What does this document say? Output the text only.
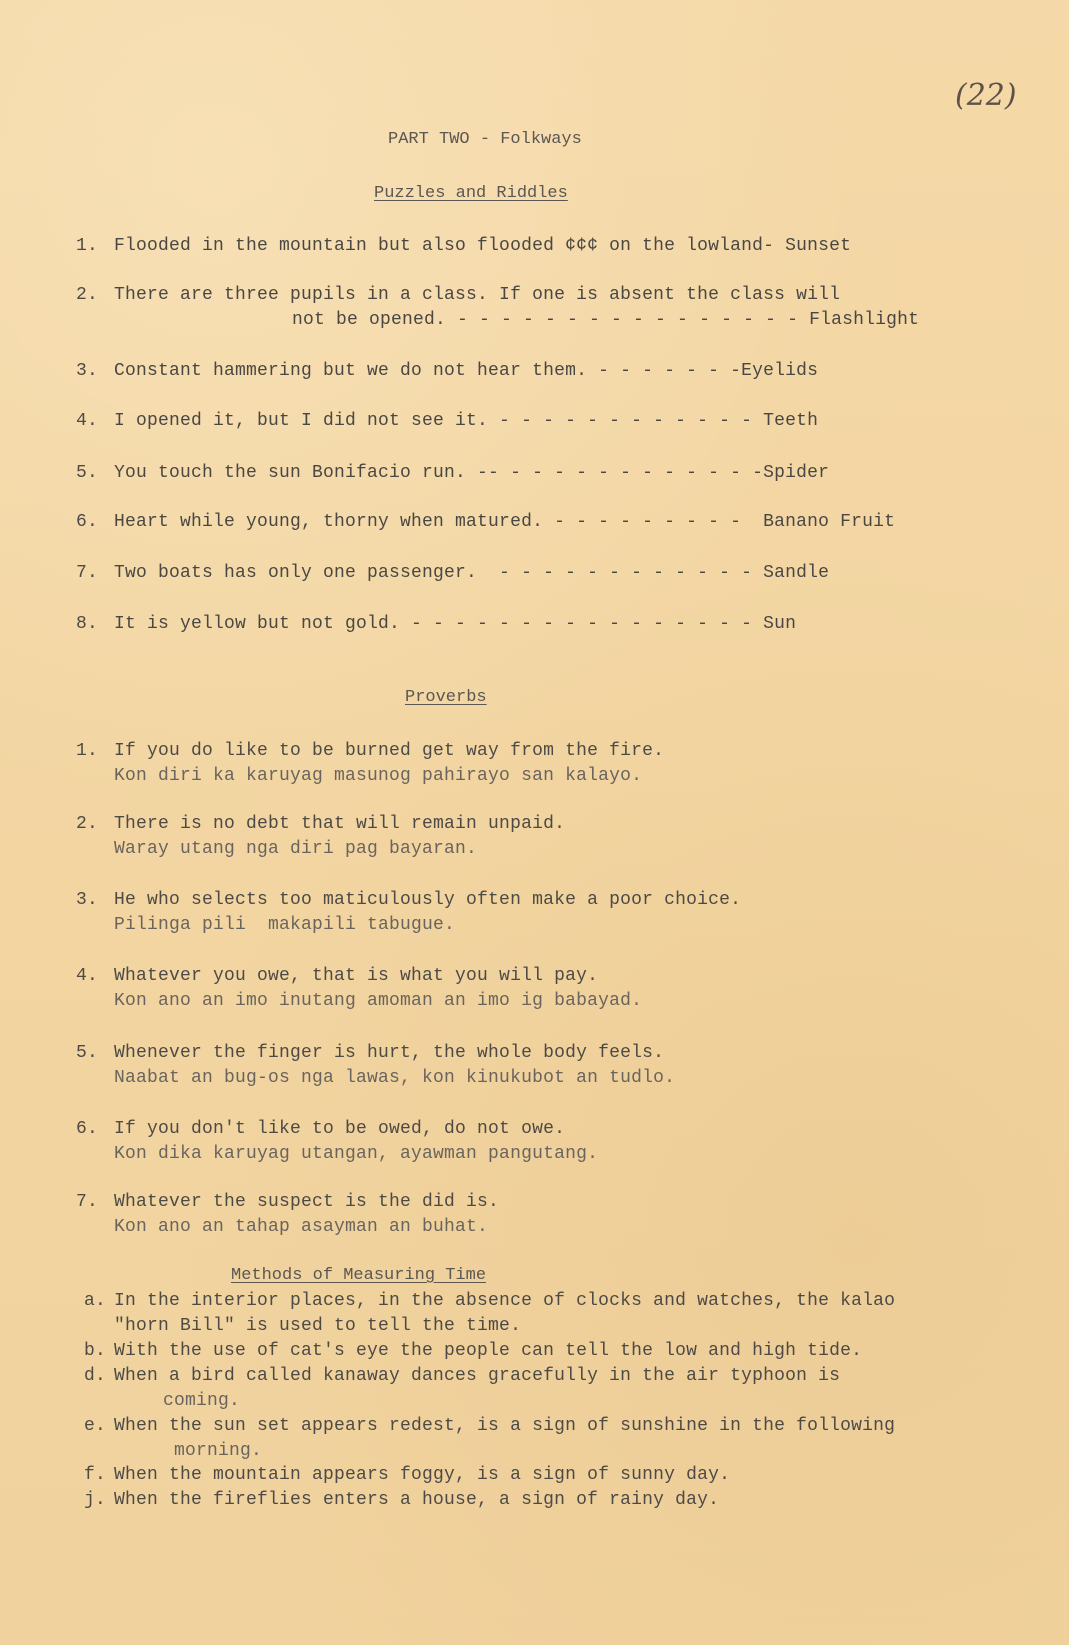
(22)
PART TWO - Folkways
Puzzles and Riddles
1. Flooded in the mountain but also flooded ¢¢¢ on the lowland- Sunset
2. There are three pupils in a class. If one is absent the class will
not be opened. - - - - - - - - - - - - - - - - Flashlight
3. Constant hammering but we do not hear them. - - - - - - -Eyelids
4. I opened it, but I did not see it. - - - - - - - - - - - - Teeth
5. You touch the sun Bonifacio run. -- - - - - - - - - - - - -Spider
6. Heart while young, thorny when matured. - - - - - - - - -  Banano Fruit
7. Two boats has only one passenger.  - - - - - - - - - - - - Sandle
8. It is yellow but not gold. - - - - - - - - - - - - - - - - Sun
Proverbs
1. If you do like to be burned get way from the fire.
Kon diri ka karuyag masunog pahirayo san kalayo.
2. There is no debt that will remain unpaid.
Waray utang nga diri pag bayaran.
3. He who selects too maticulously often make a poor choice.
Pilinga pili  makapili tabugue.
4. Whatever you owe, that is what you will pay.
Kon ano an imo inutang amoman an imo ig babayad.
5. Whenever the finger is hurt, the whole body feels.
Naabat an bug-os nga lawas, kon kinukubot an tudlo.
6. If you don't like to be owed, do not owe.
Kon dika karuyag utangan, ayawman pangutang.
7. Whatever the suspect is the did is.
Kon ano an tahap asayman an buhat.
Methods of Measuring Time
a. In the interior places, in the absence of clocks and watches, the kalao
"horn Bill" is used to tell the time.
b. With the use of cat's eye the people can tell the low and high tide.
d. When a bird called kanaway dances gracefully in the air typhoon is
coming.
e. When the sun set appears redest, is a sign of sunshine in the following
morning.
f. When the mountain appears foggy, is a sign of sunny day.
j. When the fireflies enters a house, a sign of rainy day.
